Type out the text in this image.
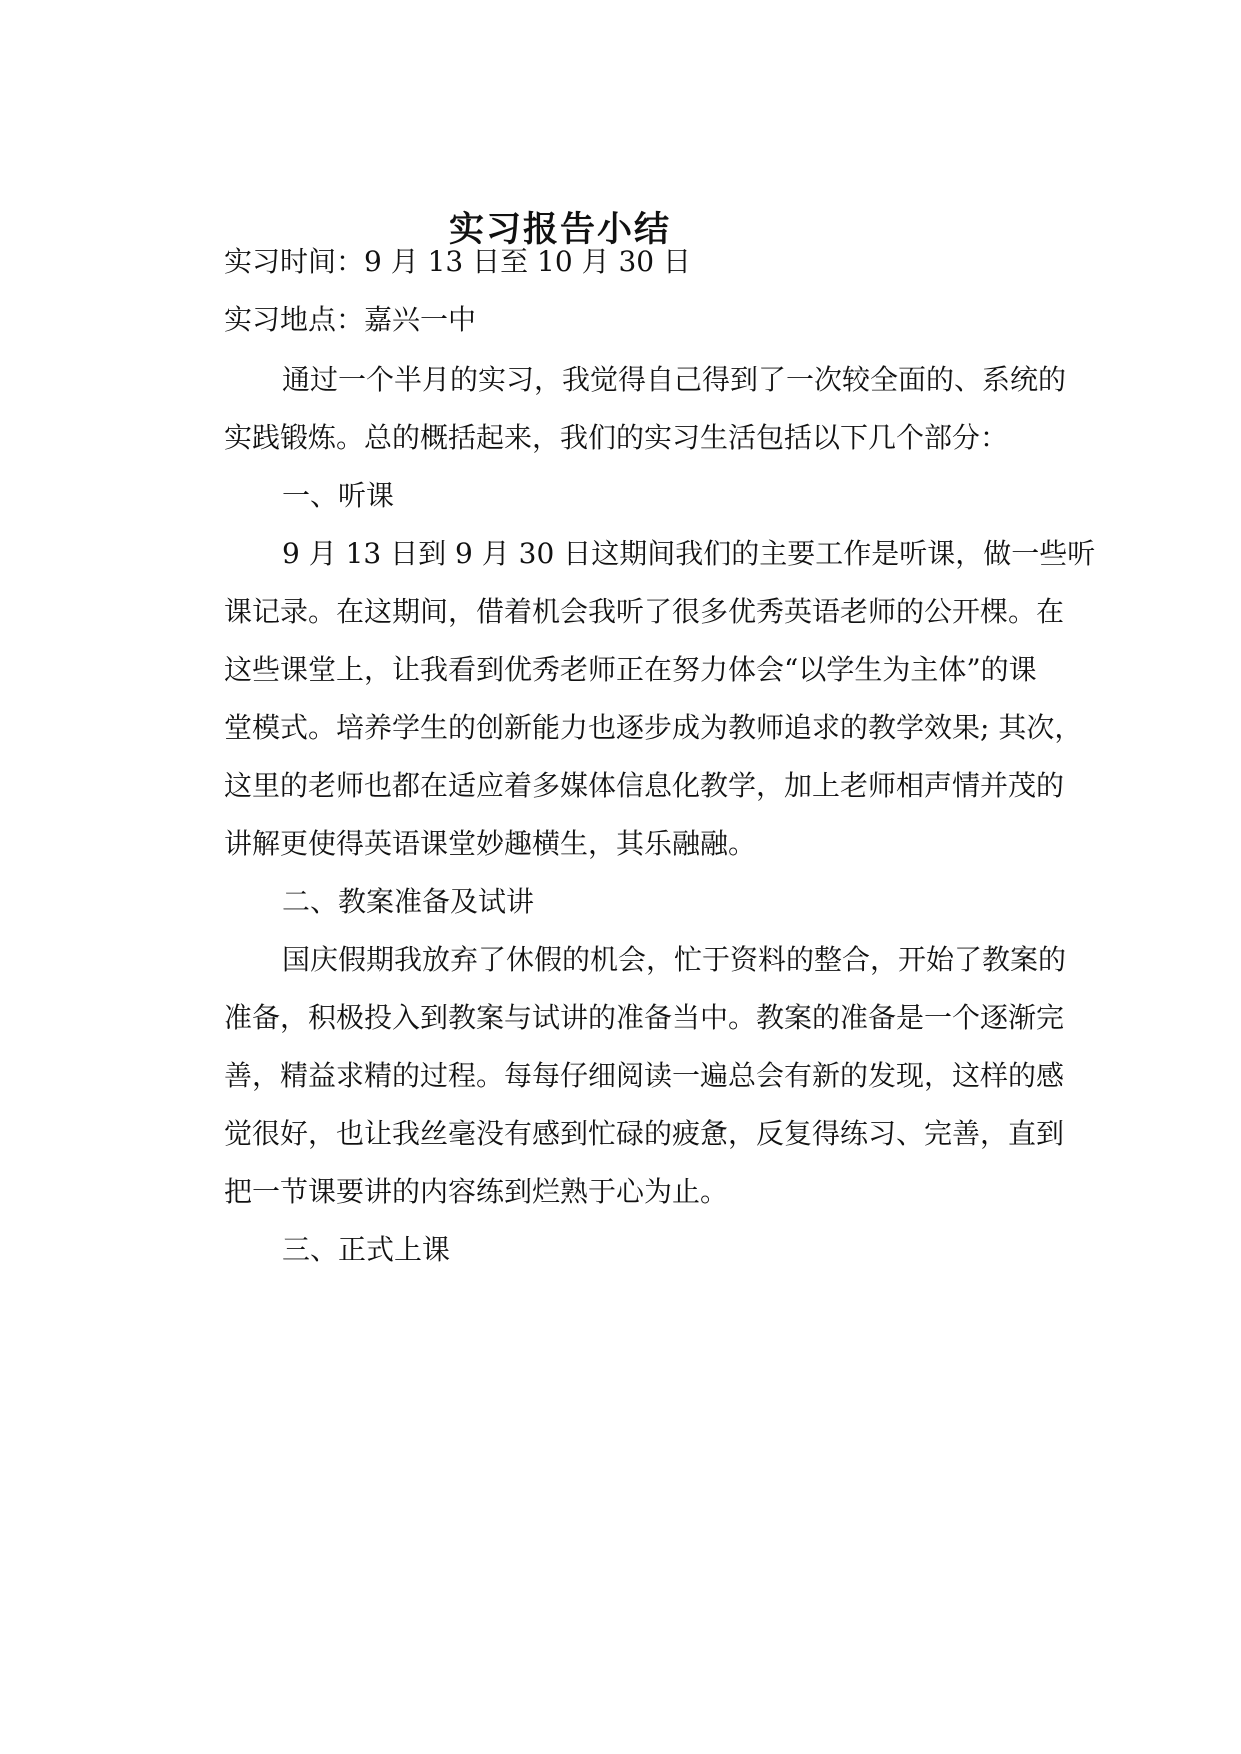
实习报告小结

实习时间：9 月 13 日至 10 月 30 日

实习地点：嘉兴一中

通过一个半月的实习，我觉得自己得到了一次较全面的、系统的

实践锻炼。总的概括起来，我们的实习生活包括以下几个部分：

一、听课

9 月 13 日到 9 月 30 日这期间我们的主要工作是听课，做一些听

课记录。在这期间，借着机会我听了很多优秀英语老师的公开棵。在

这些课堂上，让我看到优秀老师正在努力体会“以学生为主体”的课

堂模式。培养学生的创新能力也逐步成为教师追求的教学效果; 其次，

这里的老师也都在适应着多媒体信息化教学，加上老师相声情并茂的

讲解更使得英语课堂妙趣横生，其乐融融。

二、教案准备及试讲

国庆假期我放弃了休假的机会，忙于资料的整合，开始了教案的

准备，积极投入到教案与试讲的准备当中。教案的准备是一个逐渐完

善，精益求精的过程。每每仔细阅读一遍总会有新的发现，这样的感

觉很好，也让我丝毫没有感到忙碌的疲惫，反复得练习、完善，直到

把一节课要讲的内容练到烂熟于心为止。

三、正式上课
